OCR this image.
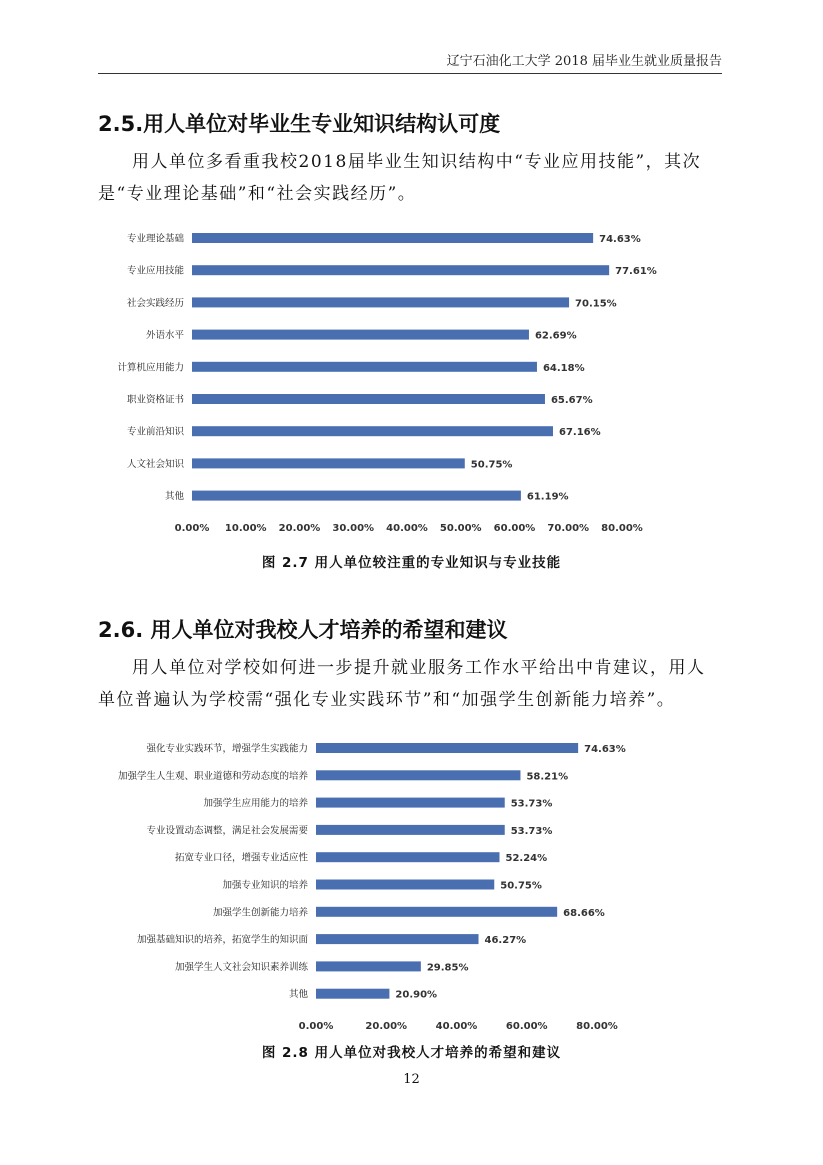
辽宁石油化工大学 2018 届毕业生就业质量报告
2.5.用人单位对毕业生专业知识结构认可度
用人单位多看重我校2018届毕业生知识结构中“专业应用技能”，其次是“专业理论基础”和“社会实践经历”。
专业理论基础	74.63%
专业应用技能	77.61%
社会实践经历	70.15%
外语水平	62.69%
计算机应用能力	64.18%
职业资格证书	65.67%
专业前沿知识	67.16%
人文社会知识	50.75%
其他	61.19%
0.00% 10.00% 20.00% 30.00% 40.00% 50.00% 60.00% 70.00% 80.00%
图 2.7 用人单位较注重的专业知识与专业技能
2.6. 用人单位对我校人才培养的希望和建议
用人单位对学校如何进一步提升就业服务工作水平给出中肯建议，用人单位普遍认为学校需“强化专业实践环节”和“加强学生创新能力培养”。
强化专业实践环节，增强学生实践能力	74.63%
加强学生人生观、职业道德和劳动态度的培养	58.21%
加强学生应用能力的培养	53.73%
专业设置动态调整，满足社会发展需要	53.73%
拓宽专业口径，增强专业适应性	52.24%
加强专业知识的培养	50.75%
加强学生创新能力培养	68.66%
加强基础知识的培养，拓宽学生的知识面	46.27%
加强学生人文社会知识素养训练	29.85%
其他	20.90%
0.00%	20.00%	40.00%	60.00%	80.00%
图 2.8 用人单位对我校人才培养的希望和建议
12
